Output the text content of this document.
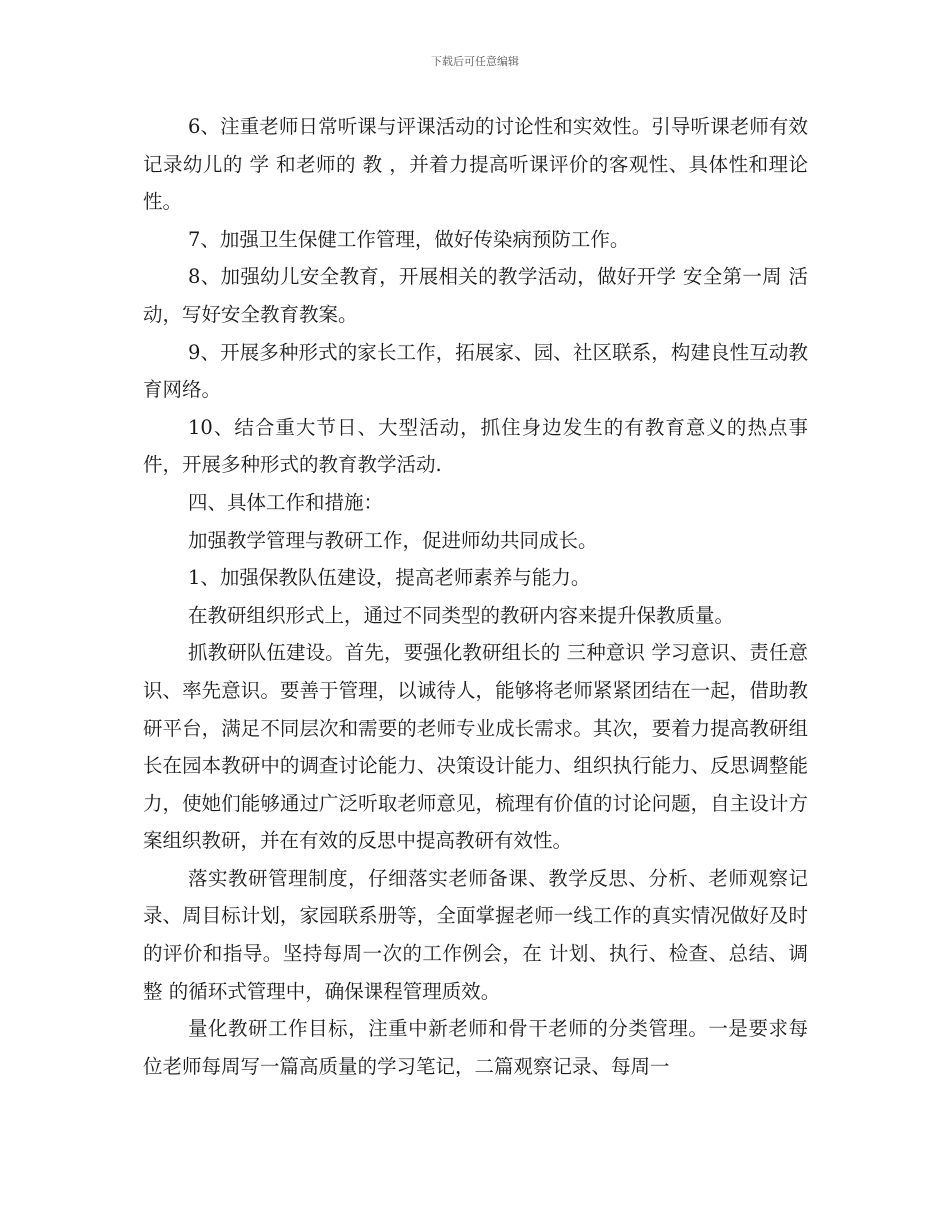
下载后可任意编辑

6、注重老师日常听课与评课活动的讨论性和实效性。引导听课老师有效记录幼儿的 学 和老师的 教 ，并着力提高听课评价的客观性、具体性和理论性。

7、加强卫生保健工作管理，做好传染病预防工作。

8、加强幼儿安全教育，开展相关的教学活动，做好开学 安全第一周 活动，写好安全教育教案。

9、开展多种形式的家长工作，拓展家、园、社区联系，构建良性互动教育网络。

10、结合重大节日、大型活动，抓住身边发生的有教育意义的热点事件，开展多种形式的教育教学活动.

四、具体工作和措施：

加强教学管理与教研工作，促进师幼共同成长。

1、加强保教队伍建设，提高老师素养与能力。

在教研组织形式上，通过不同类型的教研内容来提升保教质量。

抓教研队伍建设。首先，要强化教研组长的 三种意识 学习意识、责任意识、率先意识。要善于管理，以诚待人，能够将老师紧紧团结在一起，借助教研平台，满足不同层次和需要的老师专业成长需求。其次，要着力提高教研组长在园本教研中的调查讨论能力、决策设计能力、组织执行能力、反思调整能力，使她们能够通过广泛听取老师意见，梳理有价值的讨论问题，自主设计方案组织教研，并在有效的反思中提高教研有效性。

落实教研管理制度，仔细落实老师备课、教学反思、分析、老师观察记录、周目标计划，家园联系册等，全面掌握老师一线工作的真实情况做好及时的评价和指导。坚持每周一次的工作例会，在 计划、执行、检查、总结、调整 的循环式管理中，确保课程管理质效。

量化教研工作目标，注重中新老师和骨干老师的分类管理。一是要求每位老师每周写一篇高质量的学习笔记，二篇观察记录、每周一
